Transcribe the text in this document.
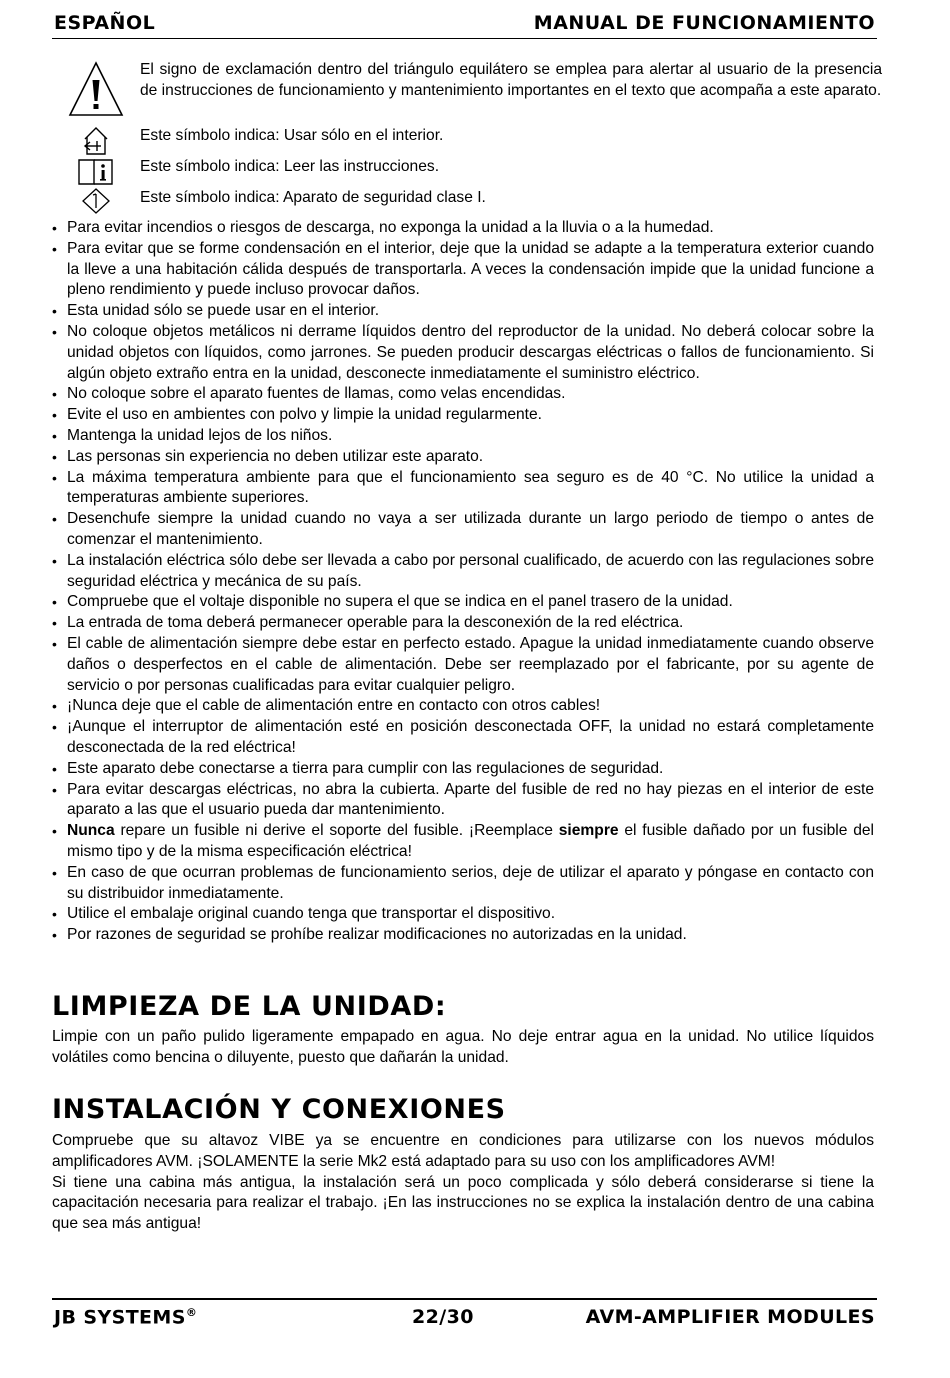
ESPAÑOL	MANUAL DE FUNCIONAMIENTO
El signo de exclamación dentro del triángulo equilátero se emplea para alertar al usuario de la presencia de instrucciones de funcionamiento y mantenimiento importantes en el texto que acompaña a este aparato.
Este símbolo indica: Usar sólo en el interior.
Este símbolo indica: Leer las instrucciones.
Este símbolo indica: Aparato de seguridad clase I.
• Para evitar incendios o riesgos de descarga, no exponga la unidad a la lluvia o a la humedad.
• Para evitar que se forme condensación en el interior, deje que la unidad se adapte a la temperatura exterior cuando la lleve a una habitación cálida después de transportarla. A veces la condensación impide que la unidad funcione a pleno rendimiento y puede incluso provocar daños.
• Esta unidad sólo se puede usar en el interior.
• No coloque objetos metálicos ni derrame líquidos dentro del reproductor de la unidad. No deberá colocar sobre la unidad objetos con líquidos, como jarrones. Se pueden producir descargas eléctricas o fallos de funcionamiento. Si algún objeto extraño entra en la unidad, desconecte inmediatamente el suministro eléctrico.
• No coloque sobre el aparato fuentes de llamas, como velas encendidas.
• Evite el uso en ambientes con polvo y limpie la unidad regularmente.
• Mantenga la unidad lejos de los niños.
• Las personas sin experiencia no deben utilizar este aparato.
• La máxima temperatura ambiente para que el funcionamiento sea seguro es de 40 °C. No utilice la unidad a temperaturas ambiente superiores.
• Desenchufe siempre la unidad cuando no vaya a ser utilizada durante un largo periodo de tiempo o antes de comenzar el mantenimiento.
• La instalación eléctrica sólo debe ser llevada a cabo por personal cualificado, de acuerdo con las regulaciones sobre seguridad eléctrica y mecánica de su país.
• Compruebe que el voltaje disponible no supera el que se indica en el panel trasero de la unidad.
• La entrada de toma deberá permanecer operable para la desconexión de la red eléctrica.
• El cable de alimentación siempre debe estar en perfecto estado. Apague la unidad inmediatamente cuando observe daños o desperfectos en el cable de alimentación. Debe ser reemplazado por el fabricante, por su agente de servicio o por personas cualificadas para evitar cualquier peligro.
• ¡Nunca deje que el cable de alimentación entre en contacto con otros cables!
• ¡Aunque el interruptor de alimentación esté en posición desconectada OFF, la unidad no estará completamente desconectada de la red eléctrica!
• Este aparato debe conectarse a tierra para cumplir con las regulaciones de seguridad.
• Para evitar descargas eléctricas, no abra la cubierta. Aparte del fusible de red no hay piezas en el interior de este aparato a las que el usuario pueda dar mantenimiento.
• Nunca repare un fusible ni derive el soporte del fusible. ¡Reemplace siempre el fusible dañado por un fusible del mismo tipo y de la misma especificación eléctrica!
• En caso de que ocurran problemas de funcionamiento serios, deje de utilizar el aparato y póngase en contacto con su distribuidor inmediatamente.
• Utilice el embalaje original cuando tenga que transportar el dispositivo.
• Por razones de seguridad se prohíbe realizar modificaciones no autorizadas en la unidad.
LIMPIEZA DE LA UNIDAD:
Limpie con un paño pulido ligeramente empapado en agua. No deje entrar agua en la unidad. No utilice líquidos volátiles como bencina o diluyente, puesto que dañarán la unidad.
INSTALACIÓN Y CONEXIONES
Compruebe que su altavoz VIBE ya se encuentre en condiciones para utilizarse con los nuevos módulos amplificadores AVM. ¡SOLAMENTE la serie Mk2 está adaptado para su uso con los amplificadores AVM!
Si tiene una cabina más antigua, la instalación será un poco complicada y sólo deberá considerarse si tiene la capacitación necesaria para realizar el trabajo. ¡En las instrucciones no se explica la instalación dentro de una cabina que sea más antigua!
JB SYSTEMS®	22/30	AVM-AMPLIFIER MODULES
